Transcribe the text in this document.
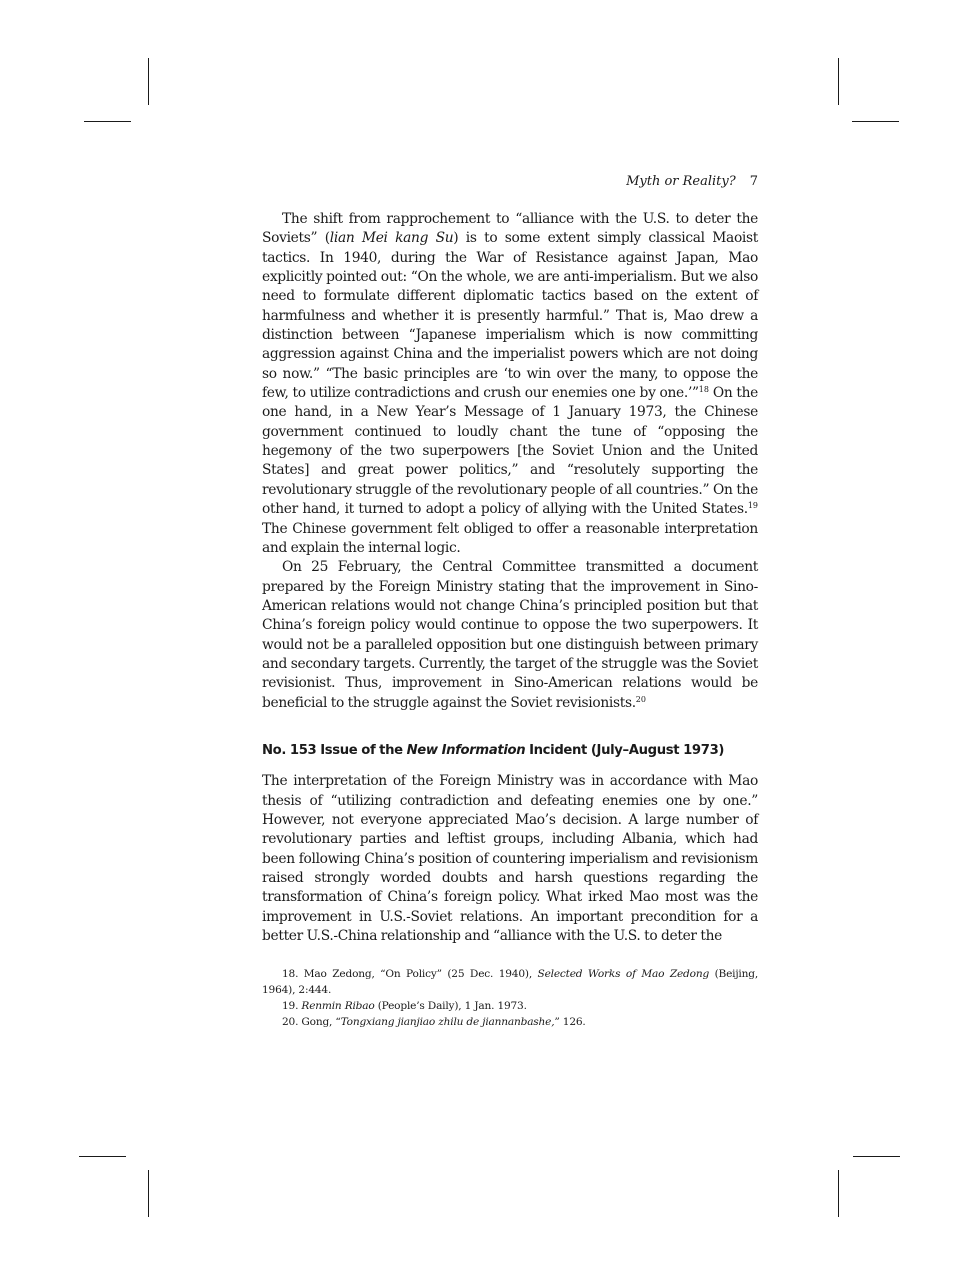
Myth or Reality? 7

The shift from rapprochement to “alliance with the U.S. to deter the Soviets” (lian Mei kang Su) is to some extent simply classical Maoist tactics. In 1940, during the War of Resistance against Japan, Mao explicitly pointed out: “On the whole, we are anti-imperialism. But we also need to formulate different diplomatic tactics based on the extent of harmfulness and whether it is presently harmful.” That is, Mao drew a distinction between “Japanese imperialism which is now committing aggression against China and the imperialist powers which are not doing so now.” “The basic principles are ‘to win over the many, to oppose the few, to utilize contradictions and crush our enemies one by one.’”$^{18}$ On the one hand, in a New Year’s Message of 1 January 1973, the Chinese government continued to loudly chant the tune of “opposing the hegemony of the two superpowers [the Soviet Union and the United States] and great power politics,” and “resolutely supporting the revolutionary struggle of the revolutionary people of all countries.” On the other hand, it turned to adopt a policy of allying with the United States.$^{19}$ The Chinese government felt obliged to offer a reasonable interpretation and explain the internal logic.

On 25 February, the Central Committee transmitted a document prepared by the Foreign Ministry stating that the improvement in Sino-American relations would not change China’s principled position but that China’s foreign policy would continue to oppose the two superpowers. It would not be a paralleled opposition but one distinguish between primary and secondary targets. Currently, the target of the struggle was the Soviet revisionist. Thus, improvement in Sino-American relations would be beneficial to the struggle against the Soviet revisionists.$^{20}$

No. 153 Issue of the New Information Incident (July–August 1973)

The interpretation of the Foreign Ministry was in accordance with Mao thesis of “utilizing contradiction and defeating enemies one by one.” However, not everyone appreciated Mao’s decision. A large number of revolutionary parties and leftist groups, including Albania, which had been following China’s position of countering imperialism and revisionism raised strongly worded doubts and harsh questions regarding the transformation of China’s foreign policy. What irked Mao most was the improvement in U.S.-Soviet relations. An important precondition for a better U.S.-China relationship and “alliance with the U.S. to deter the

18. Mao Zedong, “On Policy” (25 Dec. 1940), Selected Works of Mao Zedong (Beijing, 1964), 2:444.

19. Renmin Ribao (People’s Daily), 1 Jan. 1973.

20. Gong, “Tongxiang jianjiao zhilu de jiannanbashe,” 126.
